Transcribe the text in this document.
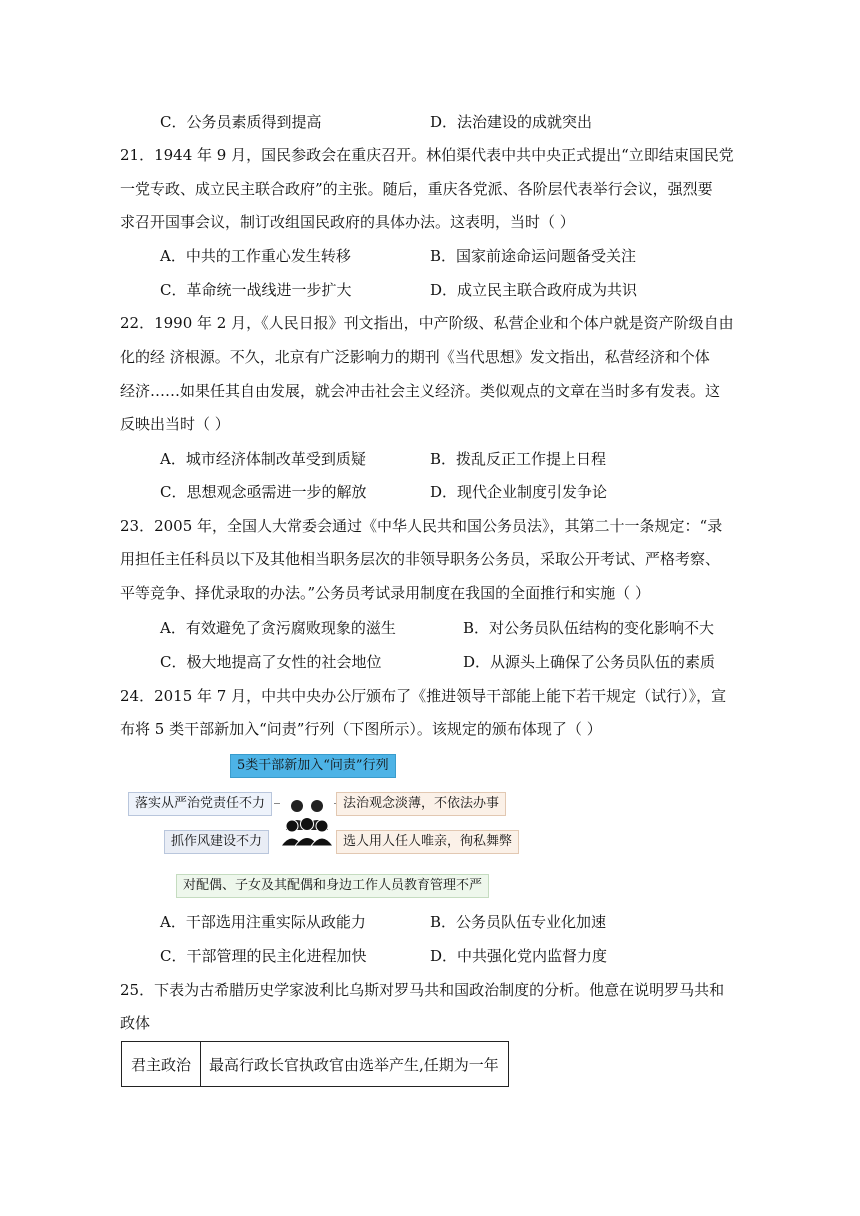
C．公务员素质得到提高	D．法治建设的成就突出
21．1944 年 9 月，国民参政会在重庆召开。林伯渠代表中共中央正式提出“立即结束国民党
一党专政、成立民主联合政府”的主张。随后，重庆各党派、各阶层代表举行会议，强烈要
求召开国事会议，制订改组国民政府的具体办法。这表明，当时（ ）
A．中共的工作重心发生转移	B．国家前途命运问题备受关注
C．革命统一战线进一步扩大	D．成立民主联合政府成为共识
22．1990 年 2 月，《人民日报》刊文指出，中产阶级、私营企业和个体户就是资产阶级自由
化的经 济根源。不久，北京有广泛影响力的期刊《当代思想》发文指出，私营经济和个体
经济……如果任其自由发展，就会冲击社会主义经济。类似观点的文章在当时多有发表。这
反映出当时（ ）
A．城市经济体制改革受到质疑	B．拨乱反正工作提上日程
C．思想观念亟需进一步的解放	D．现代企业制度引发争论
23．2005 年，全国人大常委会通过《中华人民共和国公务员法》，其第二十一条规定：“录
用担任主任科员以下及其他相当职务层次的非领导职务公务员，采取公开考试、严格考察、
平等竞争、择优录取的办法。”公务员考试录用制度在我国的全面推行和实施（ ）
A．有效避免了贪污腐败现象的滋生	B．对公务员队伍结构的变化影响不大
C．极大地提高了女性的社会地位	D．从源头上确保了公务员队伍的素质
24．2015 年 7 月，中共中央办公厅颁布了《推进领导干部能上能下若干规定（试行）》，宣
布将 5 类干部新加入“问责”行列（下图所示）。该规定的颁布体现了（ ）
5类干部新加入“问责”行列
落实从严治党责任不力
抓作风建设不力
法治观念淡薄，不依法办事
选人用人任人唯亲，徇私舞弊
对配偶、子女及其配偶和身边工作人员教育管理不严
A．干部选用注重实际从政能力	B．公务员队伍专业化加速
C．干部管理的民主化进程加快	D．中共强化党内监督力度
25．下表为古希腊历史学家波利比乌斯对罗马共和国政治制度的分析。他意在说明罗马共和
政体
君主政治	最高行政长官执政官由选举产生,任期为一年
